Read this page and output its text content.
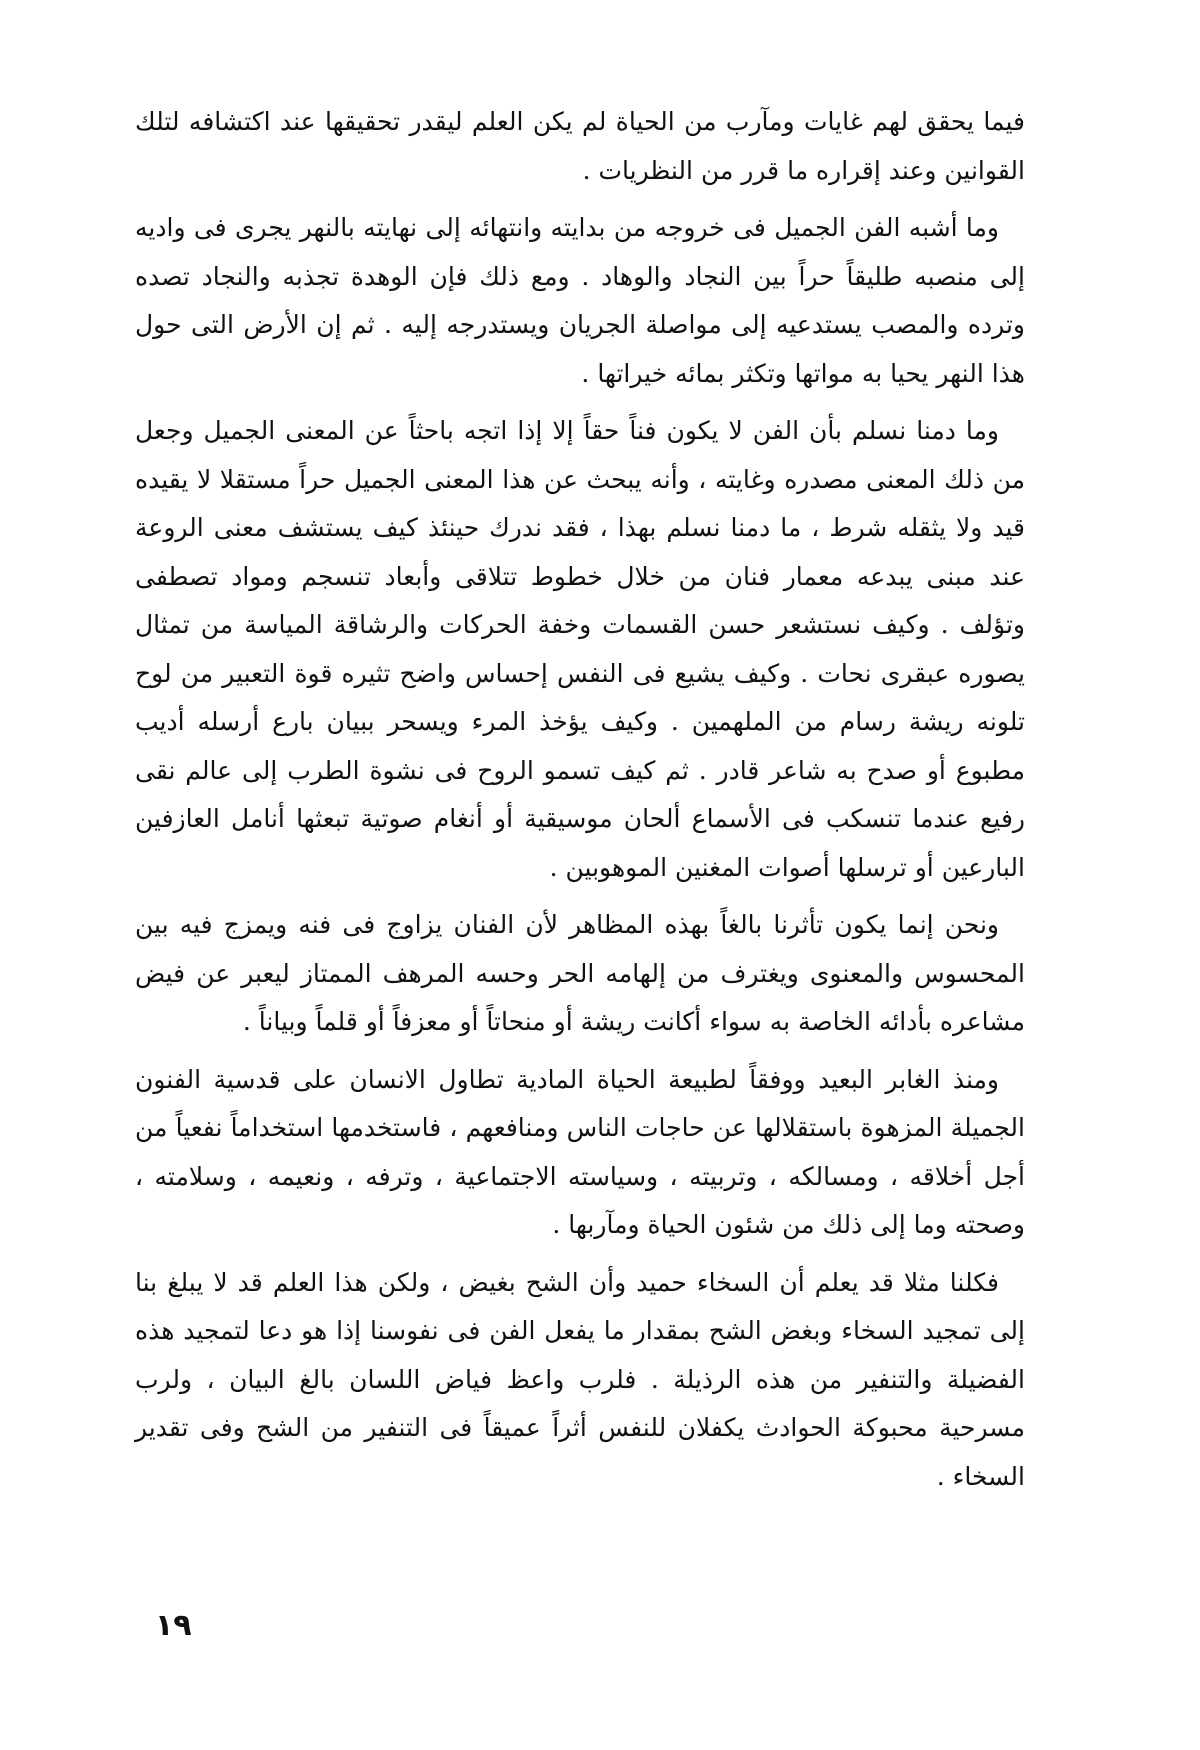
فيما يحقق لهم غايات ومآرب من الحياة لم يكن العلم ليقدر تحقيقها عند اكتشافه لتلك القوانين وعند إقراره ما قرر من النظريات .

وما أشبه الفن الجميل فى خروجه من بدايته وانتهائه إلى نهايته بالنهر يجرى فى واديه إلى منصبه طليقاً حراً بين النجاد والوهاد . ومع ذلك فإن الوهدة تجذبه والنجاد تصده وترده والمصب يستدعيه إلى مواصلة الجريان ويستدرجه إليه . ثم إن الأرض التى حول هذا النهر يحيا به مواتها وتكثر بمائه خيراتها .

وما دمنا نسلم بأن الفن لا يكون فناً حقاً إلا إذا اتجه باحثاً عن المعنى الجميل وجعل من ذلك المعنى مصدره وغايته ، وأنه يبحث عن هذا المعنى الجميل حراً مستقلا لا يقيده قيد ولا يثقله شرط ، ما دمنا نسلم بهذا ، فقد ندرك حينئذ كيف يستشف معنى الروعة عند مبنى يبدعه معمار فنان من خلال خطوط تتلاقى وأبعاد تنسجم ومواد تصطفى وتؤلف . وكيف نستشعر حسن القسمات وخفة الحركات والرشاقة المياسة من تمثال يصوره عبقرى نحات . وكيف يشيع فى النفس إحساس واضح تثيره قوة التعبير من لوح تلونه ريشة رسام من الملهمين . وكيف يؤخذ المرء ويسحر ببيان بارع أرسله أديب مطبوع أو صدح به شاعر قادر . ثم كيف تسمو الروح فى نشوة الطرب إلى عالم نقى رفيع عندما تنسكب فى الأسماع ألحان موسيقية أو أنغام صوتية تبعثها أنامل العازفين البارعين أو ترسلها أصوات المغنين الموهوبين .

ونحن إنما يكون تأثرنا بالغاً بهذه المظاهر لأن الفنان يزاوج فى فنه ويمزج فيه بين المحسوس والمعنوى ويغترف من إلهامه الحر وحسه المرهف الممتاز ليعبر عن فيض مشاعره بأدائه الخاصة به سواء أكانت ريشة أو منحاتاً أو معزفاً أو قلماً وبياناً .

ومنذ الغابر البعيد ووفقاً لطبيعة الحياة المادية تطاول الانسان على قدسية الفنون الجميلة المزهوة باستقلالها عن حاجات الناس ومنافعهم ، فاستخدمها استخداماً نفعياً من أجل أخلاقه ، ومسالكه ، وتربيته ، وسياسته الاجتماعية ، وترفه ، ونعيمه ، وسلامته ، وصحته وما إلى ذلك من شئون الحياة ومآربها .

فكلنا مثلا قد يعلم أن السخاء حميد وأن الشح بغيض ، ولكن هذا العلم قد لا يبلغ بنا إلى تمجيد السخاء وبغض الشح بمقدار ما يفعل الفن فى نفوسنا إذا هو دعا لتمجيد هذه الفضيلة والتنفير من هذه الرذيلة . فلرب واعظ فياض اللسان بالغ البيان ، ولرب مسرحية محبوكة الحوادث يكفلان للنفس أثراً عميقاً فى التنفير من الشح وفى تقدير السخاء .

١٩
